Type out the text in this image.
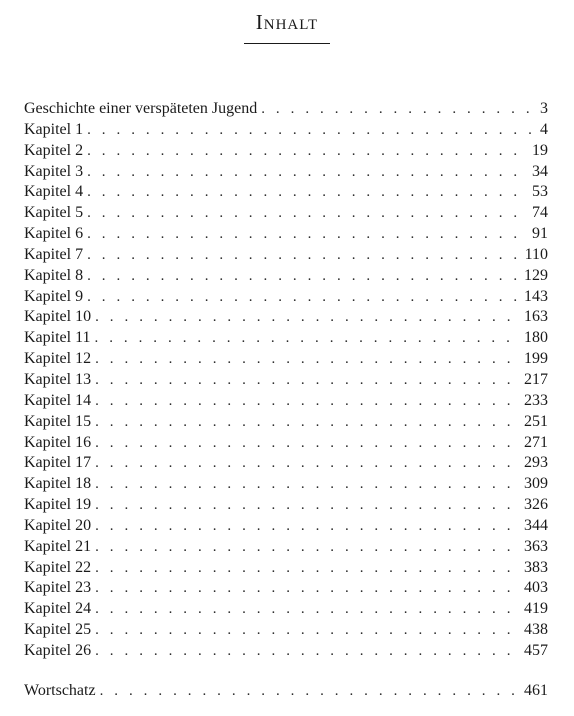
Inhalt
Geschichte einer verspäteten Jugend . . .	3
Kapitel 1 . . .	4
Kapitel 2 . . .	19
Kapitel 3 . . .	34
Kapitel 4 . . .	53
Kapitel 5 . . .	74
Kapitel 6 . . .	91
Kapitel 7 . . .	110
Kapitel 8 . . .	129
Kapitel 9 . . .	143
Kapitel 10 . . .	163
Kapitel 11 . . .	180
Kapitel 12 . . .	199
Kapitel 13 . . .	217
Kapitel 14 . . .	233
Kapitel 15 . . .	251
Kapitel 16 . . .	271
Kapitel 17 . . .	293
Kapitel 18 . . .	309
Kapitel 19 . . .	326
Kapitel 20 . . .	344
Kapitel 21 . . .	363
Kapitel 22 . . .	383
Kapitel 23 . . .	403
Kapitel 24 . . .	419
Kapitel 25 . . .	438
Kapitel 26 . . .	457
Wortschatz . . .	461
